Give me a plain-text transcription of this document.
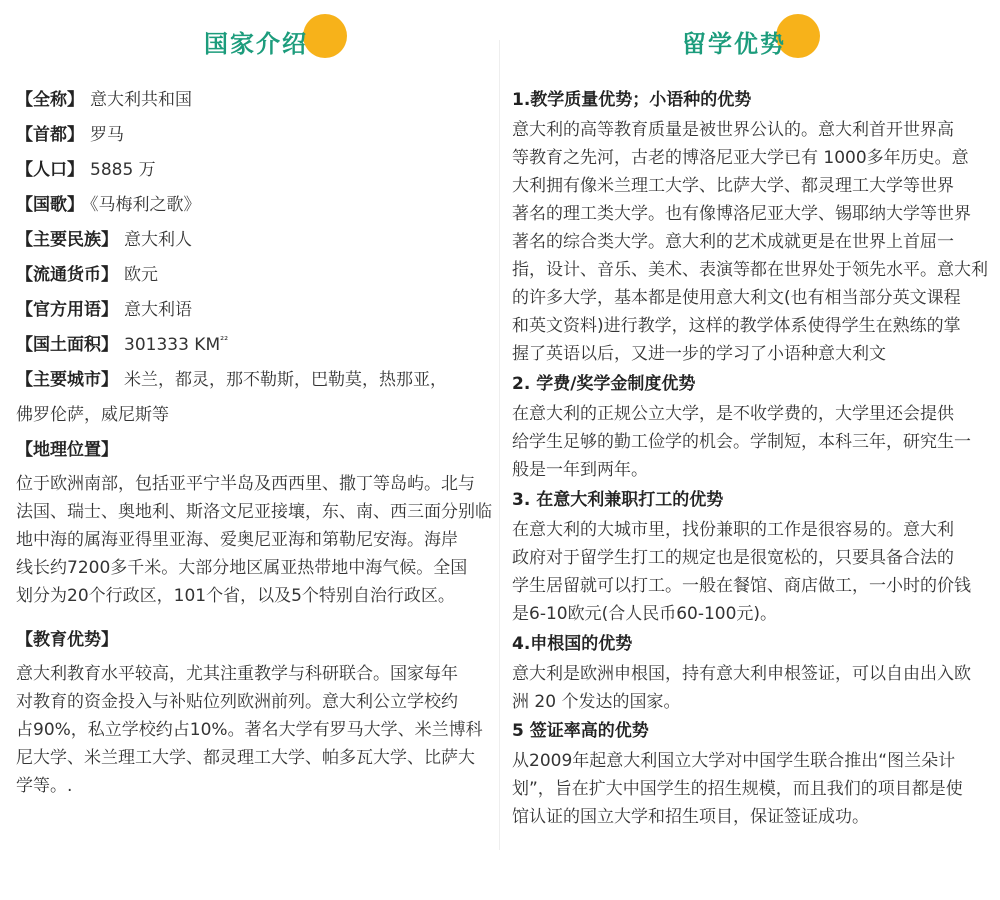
国家介绍	留学优势
【全称】 意大利共和国
【首都】 罗马
【人口】 5885 万
【国歌】 《马梅利之歌》
【主要民族】 意大利人
【流通货币】 欧元
【官方用语】 意大利语
【国土面积】 301333 $KM^{^{22}}$
【主要城市】 米兰，都灵，那不勒斯，巴勒莫，热那亚，
佛罗伦萨，威尼斯等
【地理位置】
位于欧洲南部，包括亚平宁半岛及西西里、撒丁等岛屿。北与
法国、瑞士、奥地利、斯洛文尼亚接壤，东、南、西三面分别临
地中海的属海亚得里亚海、爱奥尼亚海和第勒尼安海。海岸
线长约7200多千米。大部分地区属亚热带地中海气候。全国
划分为20个行政区，101个省，以及5个特别自治行政区。
【教育优势】
意大利教育水平较高，尤其注重教学与科研联合。国家每年
对教育的资金投入与补贴位列欧洲前列。意大利公立学校约
占90%，私立学校约占10%。著名大学有罗马大学、米兰博科
尼大学、米兰理工大学、都灵理工大学、帕多瓦大学、比萨大
学等。.
1.教学质量优势；小语种的优势
意大利的高等教育质量是被世界公认的。意大利首开世界高
等教育之先河，古老的博洛尼亚大学已有 1000多年历史。意
大利拥有像米兰理工大学、比萨大学、都灵理工大学等世界
著名的理工类大学。也有像博洛尼亚大学、锡耶纳大学等世界
著名的综合类大学。意大利的艺术成就更是在世界上首屈一
指，设计、音乐、美术、表演等都在世界处于领先水平。意大利
的许多大学，基本都是使用意大利文(也有相当部分英文课程
和英文资料)进行教学，这样的教学体系使得学生在熟练的掌
握了英语以后，又进一步的学习了小语种意大利文
2. 学费/奖学金制度优势
在意大利的正规公立大学，是不收学费的，大学里还会提供
给学生足够的勤工俭学的机会。学制短，本科三年，研究生一
般是一年到两年。
3. 在意大利兼职打工的优势
在意大利的大城市里，找份兼职的工作是很容易的。意大利
政府对于留学生打工的规定也是很宽松的，只要具备合法的
学生居留就可以打工。一般在餐馆、商店做工，一小时的价钱
是6-10欧元(合人民币60-100元)。
4.申根国的优势
意大利是欧洲申根国，持有意大利申根签证，可以自由出入欧
洲 20 个发达的国家。
5 签证率高的优势
从2009年起意大利国立大学对中国学生联合推出“图兰朵计
划”，旨在扩大中国学生的招生规模，而且我们的项目都是使
馆认证的国立大学和招生项目，保证签证成功。
